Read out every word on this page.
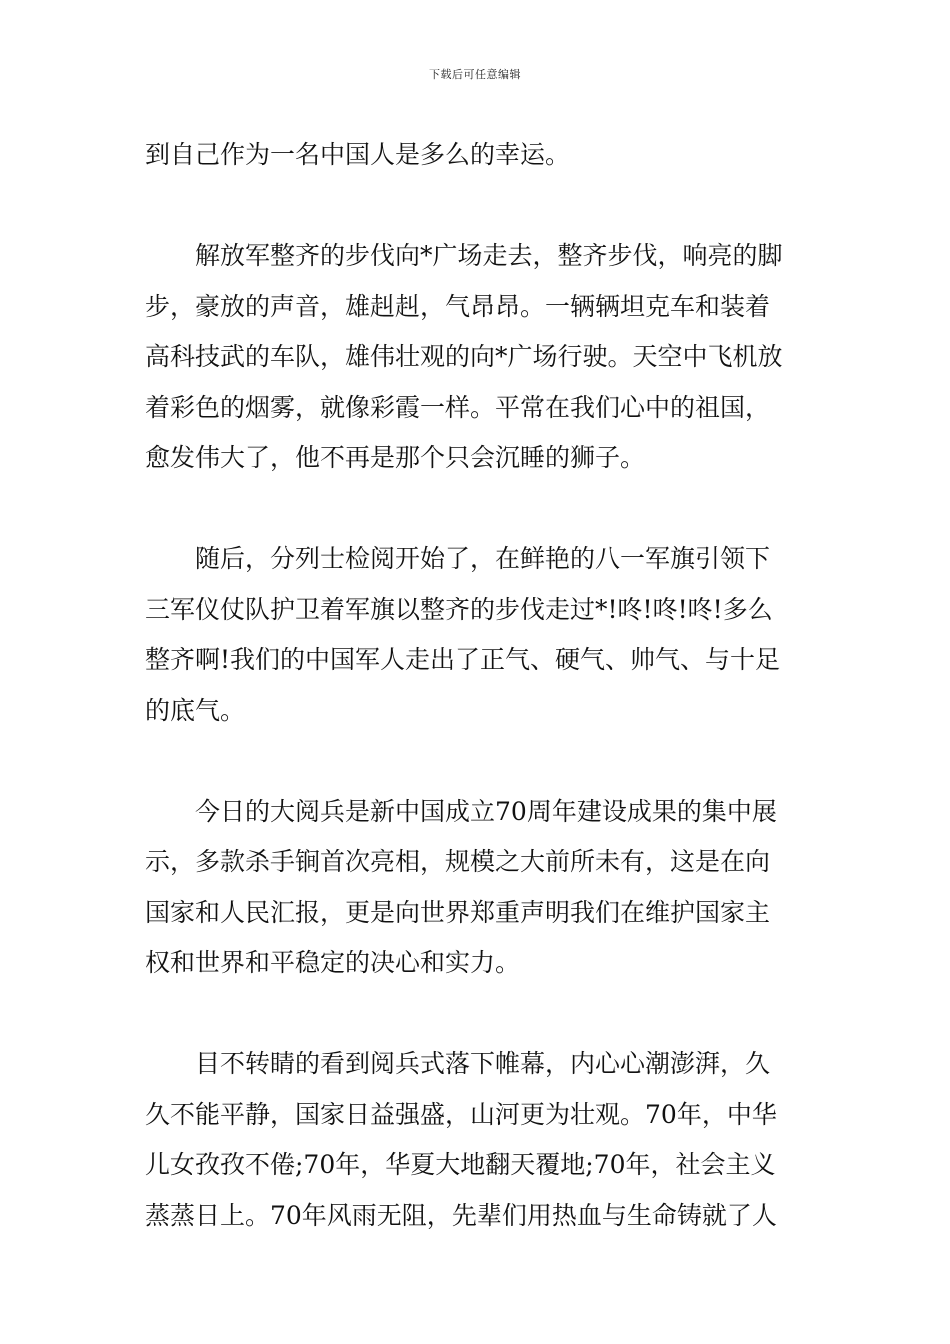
下载后可任意编辑
到自己作为一名中国人是多么的幸运。
　　解放军整齐的步伐向*广场走去，整齐步伐，响亮的脚
步，豪放的声音，雄赳赳，气昂昂。一辆辆坦克车和装着
高科技武的车队，雄伟壮观的向*广场行驶。天空中飞机放
着彩色的烟雾，就像彩霞一样。平常在我们心中的祖国，
愈发伟大了，他不再是那个只会沉睡的狮子。
　　随后，分列士检阅开始了，在鲜艳的八一军旗引领下
三军仪仗队护卫着军旗以整齐的步伐走过*!咚!咚!咚!多么
整齐啊!我们的中国军人走出了正气、硬气、帅气、与十足
的底气。
　　今日的大阅兵是新中国成立70周年建设成果的集中展
示，多款杀手锏首次亮相，规模之大前所未有，这是在向
国家和人民汇报，更是向世界郑重声明我们在维护国家主
权和世界和平稳定的决心和实力。
　　目不转睛的看到阅兵式落下帷幕，内心心潮澎湃，久
久不能平静，国家日益强盛，山河更为壮观。70年，中华
儿女孜孜不倦;70年，华夏大地翻天覆地;70年，社会主义
蒸蒸日上。70年风雨无阻，先辈们用热血与生命铸就了人
